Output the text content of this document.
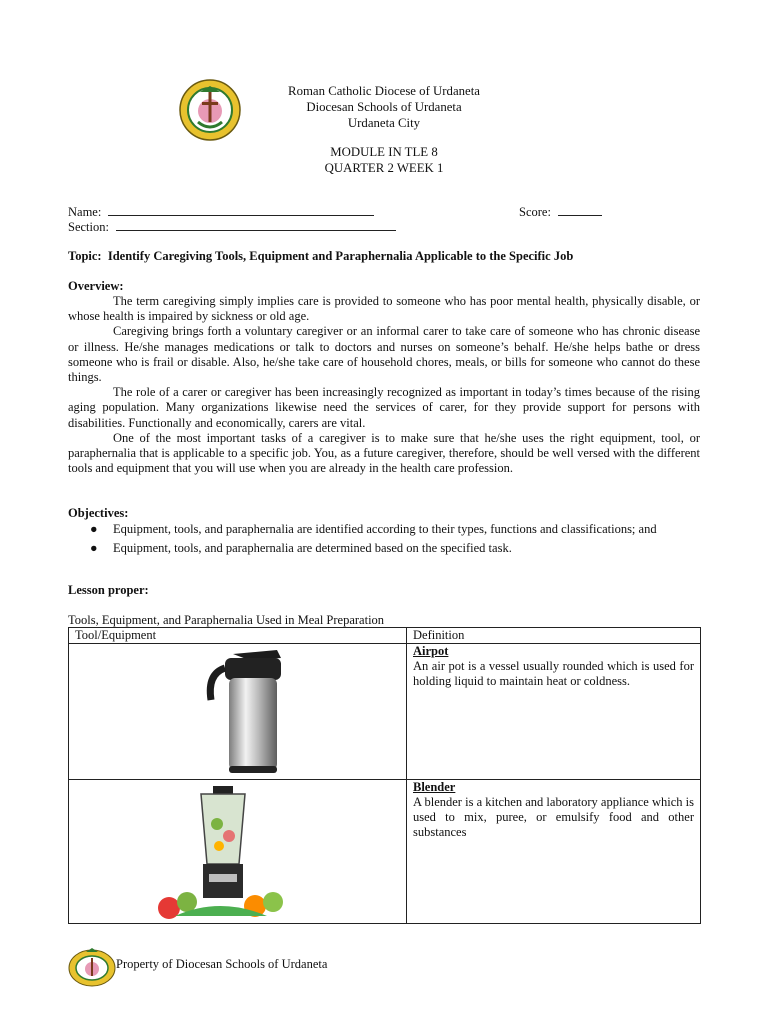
Roman Catholic Diocese of Urdaneta
Diocesan Schools of Urdaneta
Urdaneta City
MODULE IN TLE 8
QUARTER 2 WEEK 1
Name:	Score:
Section:
Topic: Identify Caregiving Tools, Equipment and Paraphernalia Applicable to the Specific Job
Overview:
The term caregiving simply implies care is provided to someone who has poor mental health, physically disable, or whose health is impaired by sickness or old age.
Caregiving brings forth a voluntary caregiver or an informal carer to take care of someone who has chronic disease or illness. He/she manages medications or talk to doctors and nurses on someone’s behalf. He/she helps bathe or dress someone who is frail or disable. Also, he/she take care of household chores, meals, or bills for someone who cannot do these things.
The role of a carer or caregiver has been increasingly recognized as important in today’s times because of the rising aging population. Many organizations likewise need the services of carer, for they provide support for persons with disabilities. Functionally and economically, carers are vital.
One of the most important tasks of a caregiver is to make sure that he/she uses the right equipment, tool, or paraphernalia that is applicable to a specific job. You, as a future caregiver, therefore, should be well versed with the different tools and equipment that you will use when you are already in the health care profession.
Objectives:
● Equipment, tools, and paraphernalia are identified according to their types, functions and classifications; and
● Equipment, tools, and paraphernalia are determined based on the specified task.
Lesson proper:
Tools, Equipment, and Paraphernalia Used in Meal Preparation
Tool/Equipment	Definition

Airpot
An air pot is a vessel usually rounded which is used for holding liquid to maintain heat or coldness.

Blender
A blender is a kitchen and laboratory appliance which is used to mix, puree, or emulsify food and other substances
Property of Diocesan Schools of Urdaneta
